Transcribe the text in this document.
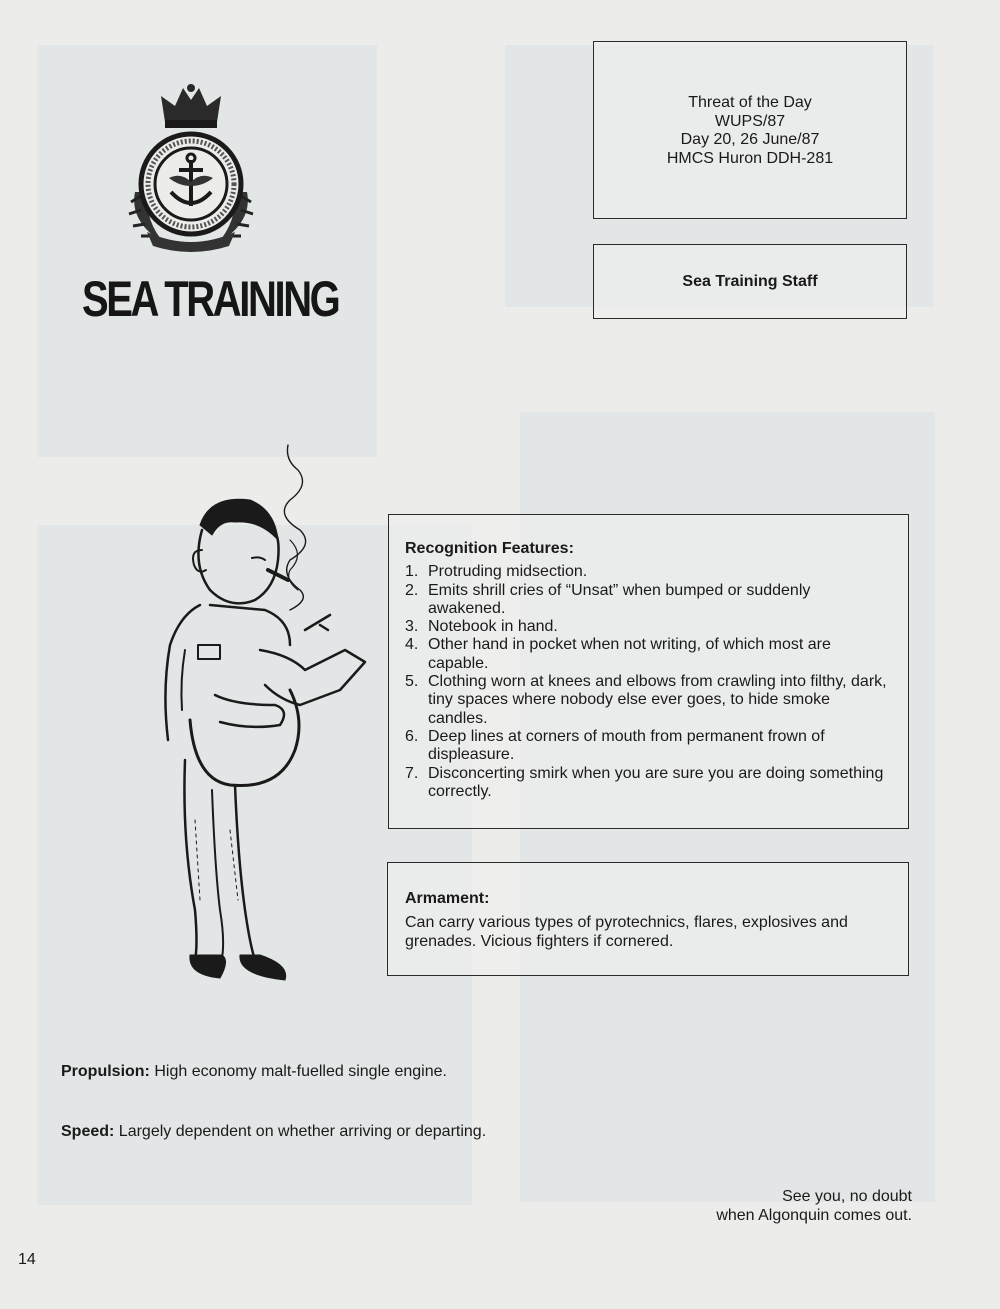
SEA TRAINING
Threat of the Day
WUPS/87
Day 20, 26 June/87
HMCS Huron DDH-281
Sea Training Staff
Recognition Features:
1. Protruding midsection.
2. Emits shrill cries of “Unsat” when bumped or suddenly awakened.
3. Notebook in hand.
4. Other hand in pocket when not writing, of which most are capable.
5. Clothing worn at knees and elbows from crawling into filthy, dark, tiny spaces where nobody else ever goes, to hide smoke candles.
6. Deep lines at corners of mouth from permanent frown of displeasure.
7. Disconcerting smirk when you are sure you are doing something correctly.
Armament:
Can carry various types of pyrotechnics, flares, explosives and grenades. Vicious fighters if cornered.
Propulsion: High economy malt-fuelled single engine.
Speed: Largely dependent on whether arriving or departing.
See you, no doubt
when Algonquin comes out.
14
